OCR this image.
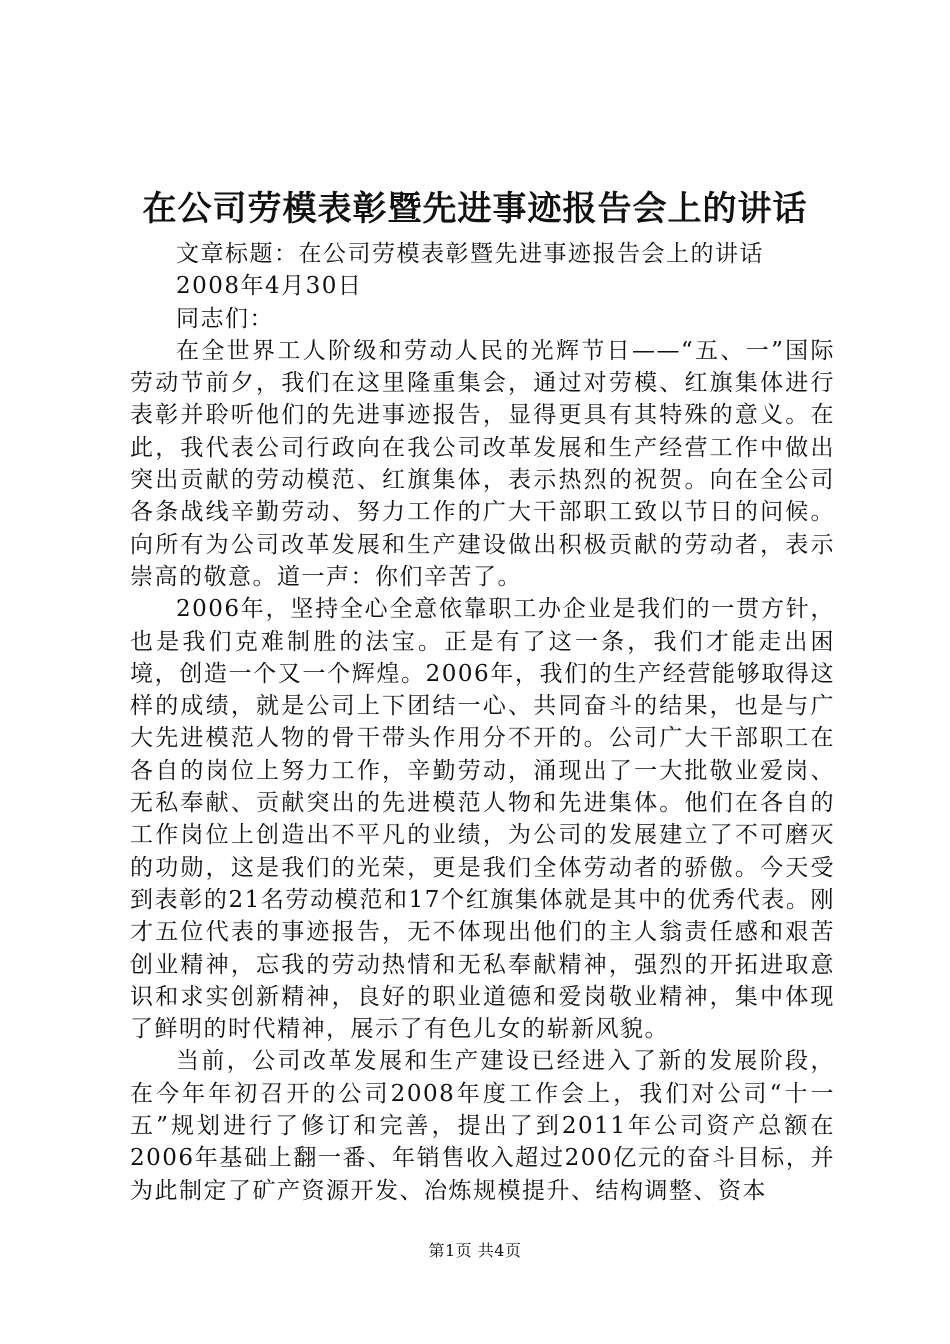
在公司劳模表彰暨先进事迹报告会上的讲话

文章标题：在公司劳模表彰暨先进事迹报告会上的讲话

2008年4月30日

同志们：

在全世界工人阶级和劳动人民的光辉节日——“五、一”国际劳动节前夕，我们在这里隆重集会，通过对劳模、红旗集体进行表彰并聆听他们的先进事迹报告，显得更具有其特殊的意义。在此，我代表公司行政向在我公司改革发展和生产经营工作中做出突出贡献的劳动模范、红旗集体，表示热烈的祝贺。向在全公司各条战线辛勤劳动、努力工作的广大干部职工致以节日的问候。向所有为公司改革发展和生产建设做出积极贡献的劳动者，表示崇高的敬意。道一声：你们辛苦了。

2006年，坚持全心全意依靠职工办企业是我们的一贯方针，也是我们克难制胜的法宝。正是有了这一条，我们才能走出困境，创造一个又一个辉煌。2006年，我们的生产经营能够取得这样的成绩，就是公司上下团结一心、共同奋斗的结果，也是与广大先进模范人物的骨干带头作用分不开的。公司广大干部职工在各自的岗位上努力工作，辛勤劳动，涌现出了一大批敬业爱岗、无私奉献、贡献突出的先进模范人物和先进集体。他们在各自的工作岗位上创造出不平凡的业绩，为公司的发展建立了不可磨灭的功勋，这是我们的光荣，更是我们全体劳动者的骄傲。今天受到表彰的21名劳动模范和17个红旗集体就是其中的优秀代表。刚才五位代表的事迹报告，无不体现出他们的主人翁责任感和艰苦创业精神，忘我的劳动热情和无私奉献精神，强烈的开拓进取意识和求实创新精神，良好的职业道德和爱岗敬业精神，集中体现了鲜明的时代精神，展示了有色儿女的崭新风貌。

当前，公司改革发展和生产建设已经进入了新的发展阶段，在今年年初召开的公司2008年度工作会上，我们对公司“十一五”规划进行了修订和完善，提出了到2011年公司资产总额在2006年基础上翻一番、年销售收入超过200亿元的奋斗目标，并为此制定了矿产资源开发、冶炼规模提升、结构调整、资本

第1页 共4页
